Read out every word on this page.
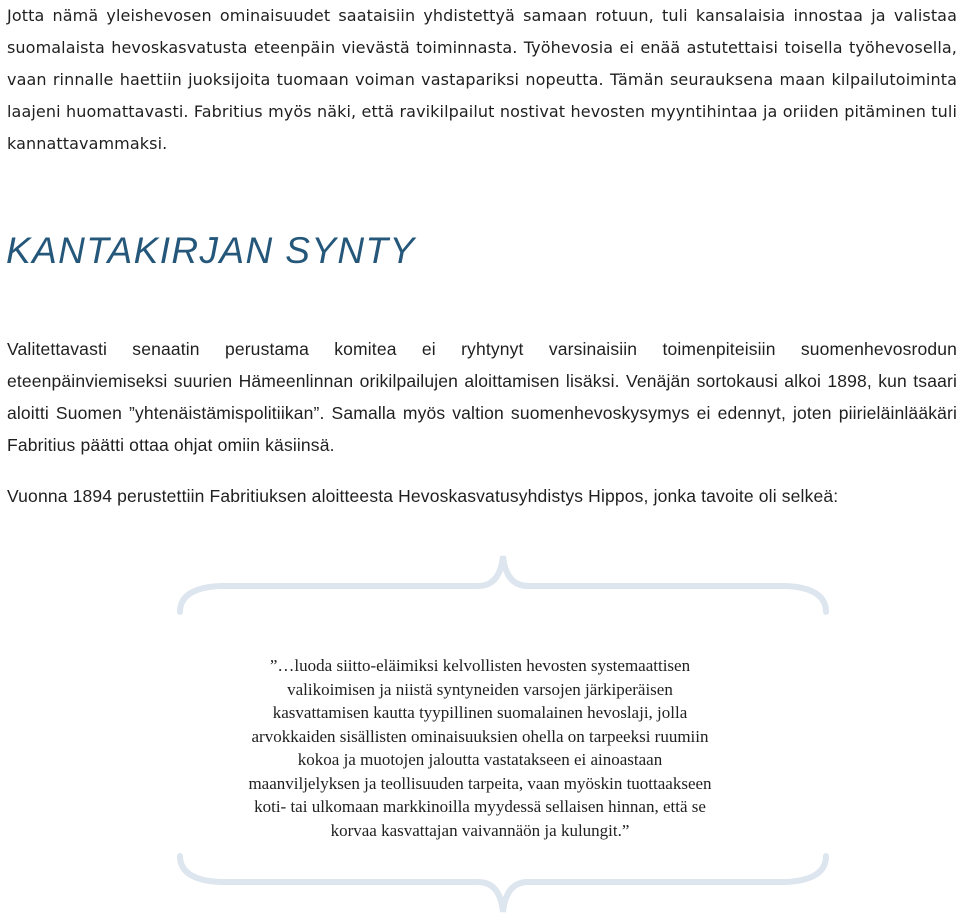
Jotta nämä yleishevosen ominaisuudet saataisiin yhdistettyä samaan rotuun, tuli kansalaisia innostaa ja valistaa suomalaista hevoskasvatusta eteenpäin vievästä toiminnasta. Työhevosia ei enää astutettaisi toisella työhevosella, vaan rinnalle haettiin juoksijoita tuomaan voiman vastapariksi nopeutta. Tämän seurauksena maan kilpailutoiminta laajeni huomattavasti. Fabritius myös näki, että ravikilpailut nostivat hevosten myyntihintaa ja oriiden pitäminen tuli kannattavammaksi.

KANTAKIRJAN SYNTY

Valitettavasti senaatin perustama komitea ei ryhtynyt varsinaisiin toimenpiteisiin suomenhevosrodun eteenpäinviemiseksi suurien Hämeenlinnan orikilpailujen aloittamisen lisäksi. Venäjän sortokausi alkoi 1898, kun tsaari aloitti Suomen ”yhtenäistämispolitiikan”. Samalla myös valtion suomenhevoskysymys ei edennyt, joten piirieläinlääkäri Fabritius päätti ottaa ohjat omiin käsiinsä.

Vuonna 1894 perustettiin Fabritiuksen aloitteesta Hevoskasvatusyhdistys Hippos, jonka tavoite oli selkeä:

”…luoda siitto-eläimiksi kelvollisten hevosten systemaattisen
valikoimisen ja niistä syntyneiden varsojen järkiperäisen
kasvattamisen kautta tyypillinen suomalainen hevoslaji, jolla
arvokkaiden sisällisten ominaisuuksien ohella on tarpeeksi ruumiin
kokoa ja muotojen jaloutta vastatakseen ei ainoastaan
maanviljelyksen ja teollisuuden tarpeita, vaan myöskin tuottaakseen
koti- tai ulkomaan markkinoilla myydessä sellaisen hinnan, että se
korvaa kasvattajan vaivannäön ja kulungit.”
